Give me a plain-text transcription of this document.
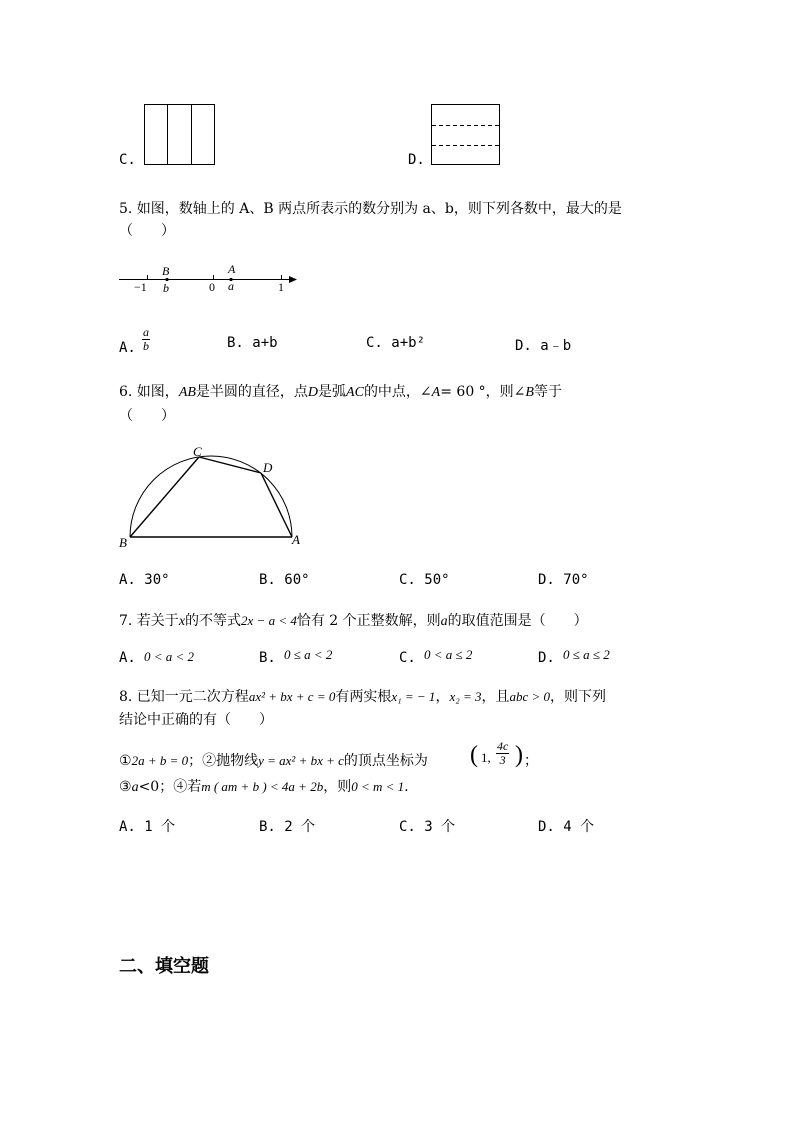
C.	D.
5. 如图，数轴上的 A、B 两点所表示的数分别为 a、b，则下列各数中，最大的是
（　　）
−1	0	1
B
b
A
a
A. $\frac{a}{b}$	B. a+b	C. a+b²	D. a﹣b
6. 如图，AB是半圆的直径，点D是弧AC的中点，∠A= 60 °，则∠B等于
（　　）
C
D
B	A
A. 30°	B. 60°	C. 50°	D. 70°
7. 若关于x的不等式2x − a < 4恰有 2 个正整数解，则a的取值范围是（　　）
A. 0 < a < 2	B. 0 ≤ a < 2	C. 0 < a ≤ 2	D. 0 ≤ a ≤ 2
8. 已知一元二次方程ax² + bx + c = 0有两实根x₁ = − 1，x₂ = 3，且abc > 0，则下列
结论中正确的有（　　）
①2a + b = 0；②抛物线y = ax² + bx + c的顶点坐标为 ( 1, $\frac{4c}{3}$ ) ；
③a<0；④若m ( am + b ) < 4a + 2b，则0 < m < 1.
A. 1 个	B. 2 个	C. 3 个	D. 4 个
二、填空题
